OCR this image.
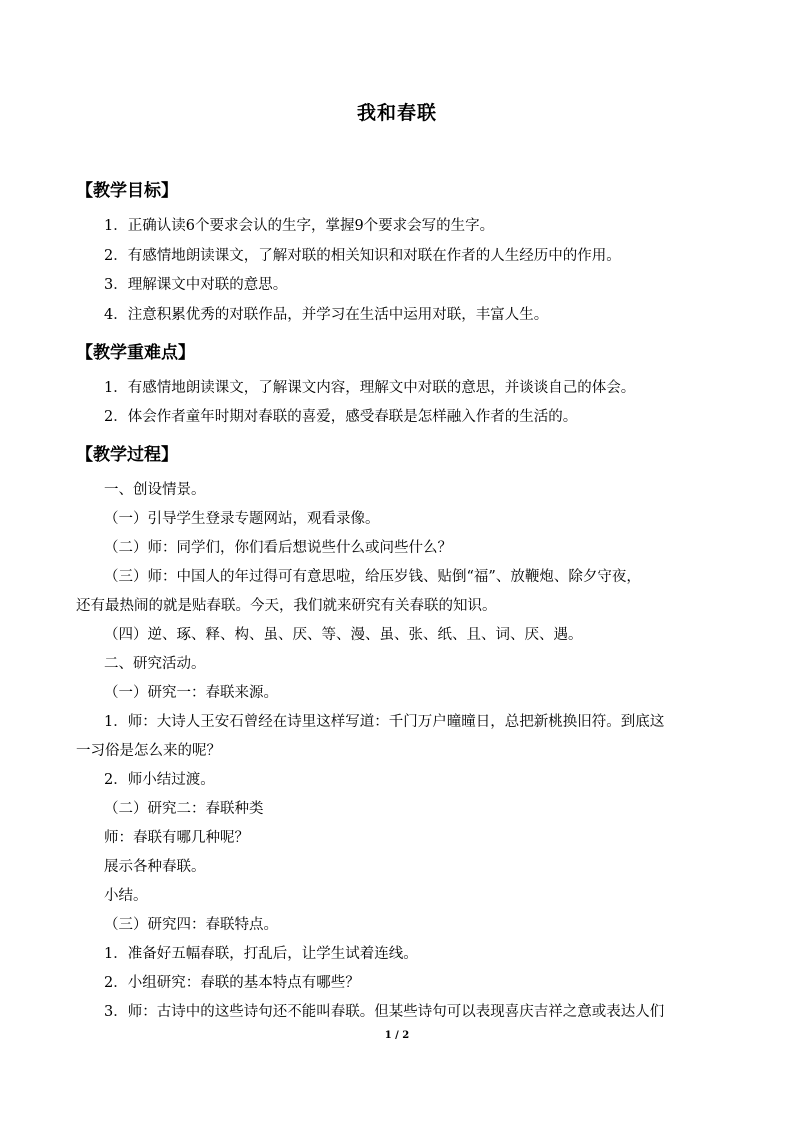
我和春联
【教学目标】
1．正确认读6个要求会认的生字，掌握9个要求会写的生字。
2．有感情地朗读课文，了解对联的相关知识和对联在作者的人生经历中的作用。
3．理解课文中对联的意思。
4．注意积累优秀的对联作品，并学习在生活中运用对联，丰富人生。
【教学重难点】
1．有感情地朗读课文，了解课文内容，理解文中对联的意思，并谈谈自己的体会。
2．体会作者童年时期对春联的喜爱，感受春联是怎样融入作者的生活的。
【教学过程】
一、创设情景。
（一）引导学生登录专题网站，观看录像。
（二）师：同学们，你们看后想说些什么或问些什么？
（三）师：中国人的年过得可有意思啦，给压岁钱、贴倒“福”、放鞭炮、除夕守夜，
还有最热闹的就是贴春联。今天，我们就来研究有关春联的知识。
（四）逆、琢、释、构、虽、厌、等、漫、虽、张、纸、且、词、厌、遇。
二、研究活动。
（一）研究一：春联来源。
1．师：大诗人王安石曾经在诗里这样写道：千门万户曈曈日，总把新桃换旧符。到底这
一习俗是怎么来的呢？
2．师小结过渡。
（二）研究二：春联种类
师：春联有哪几种呢？
展示各种春联。
小结。
（三）研究四：春联特点。
1．准备好五幅春联，打乱后，让学生试着连线。
2．小组研究：春联的基本特点有哪些？
3．师：古诗中的这些诗句还不能叫春联。但某些诗句可以表现喜庆吉祥之意或表达人们
1 / 2
